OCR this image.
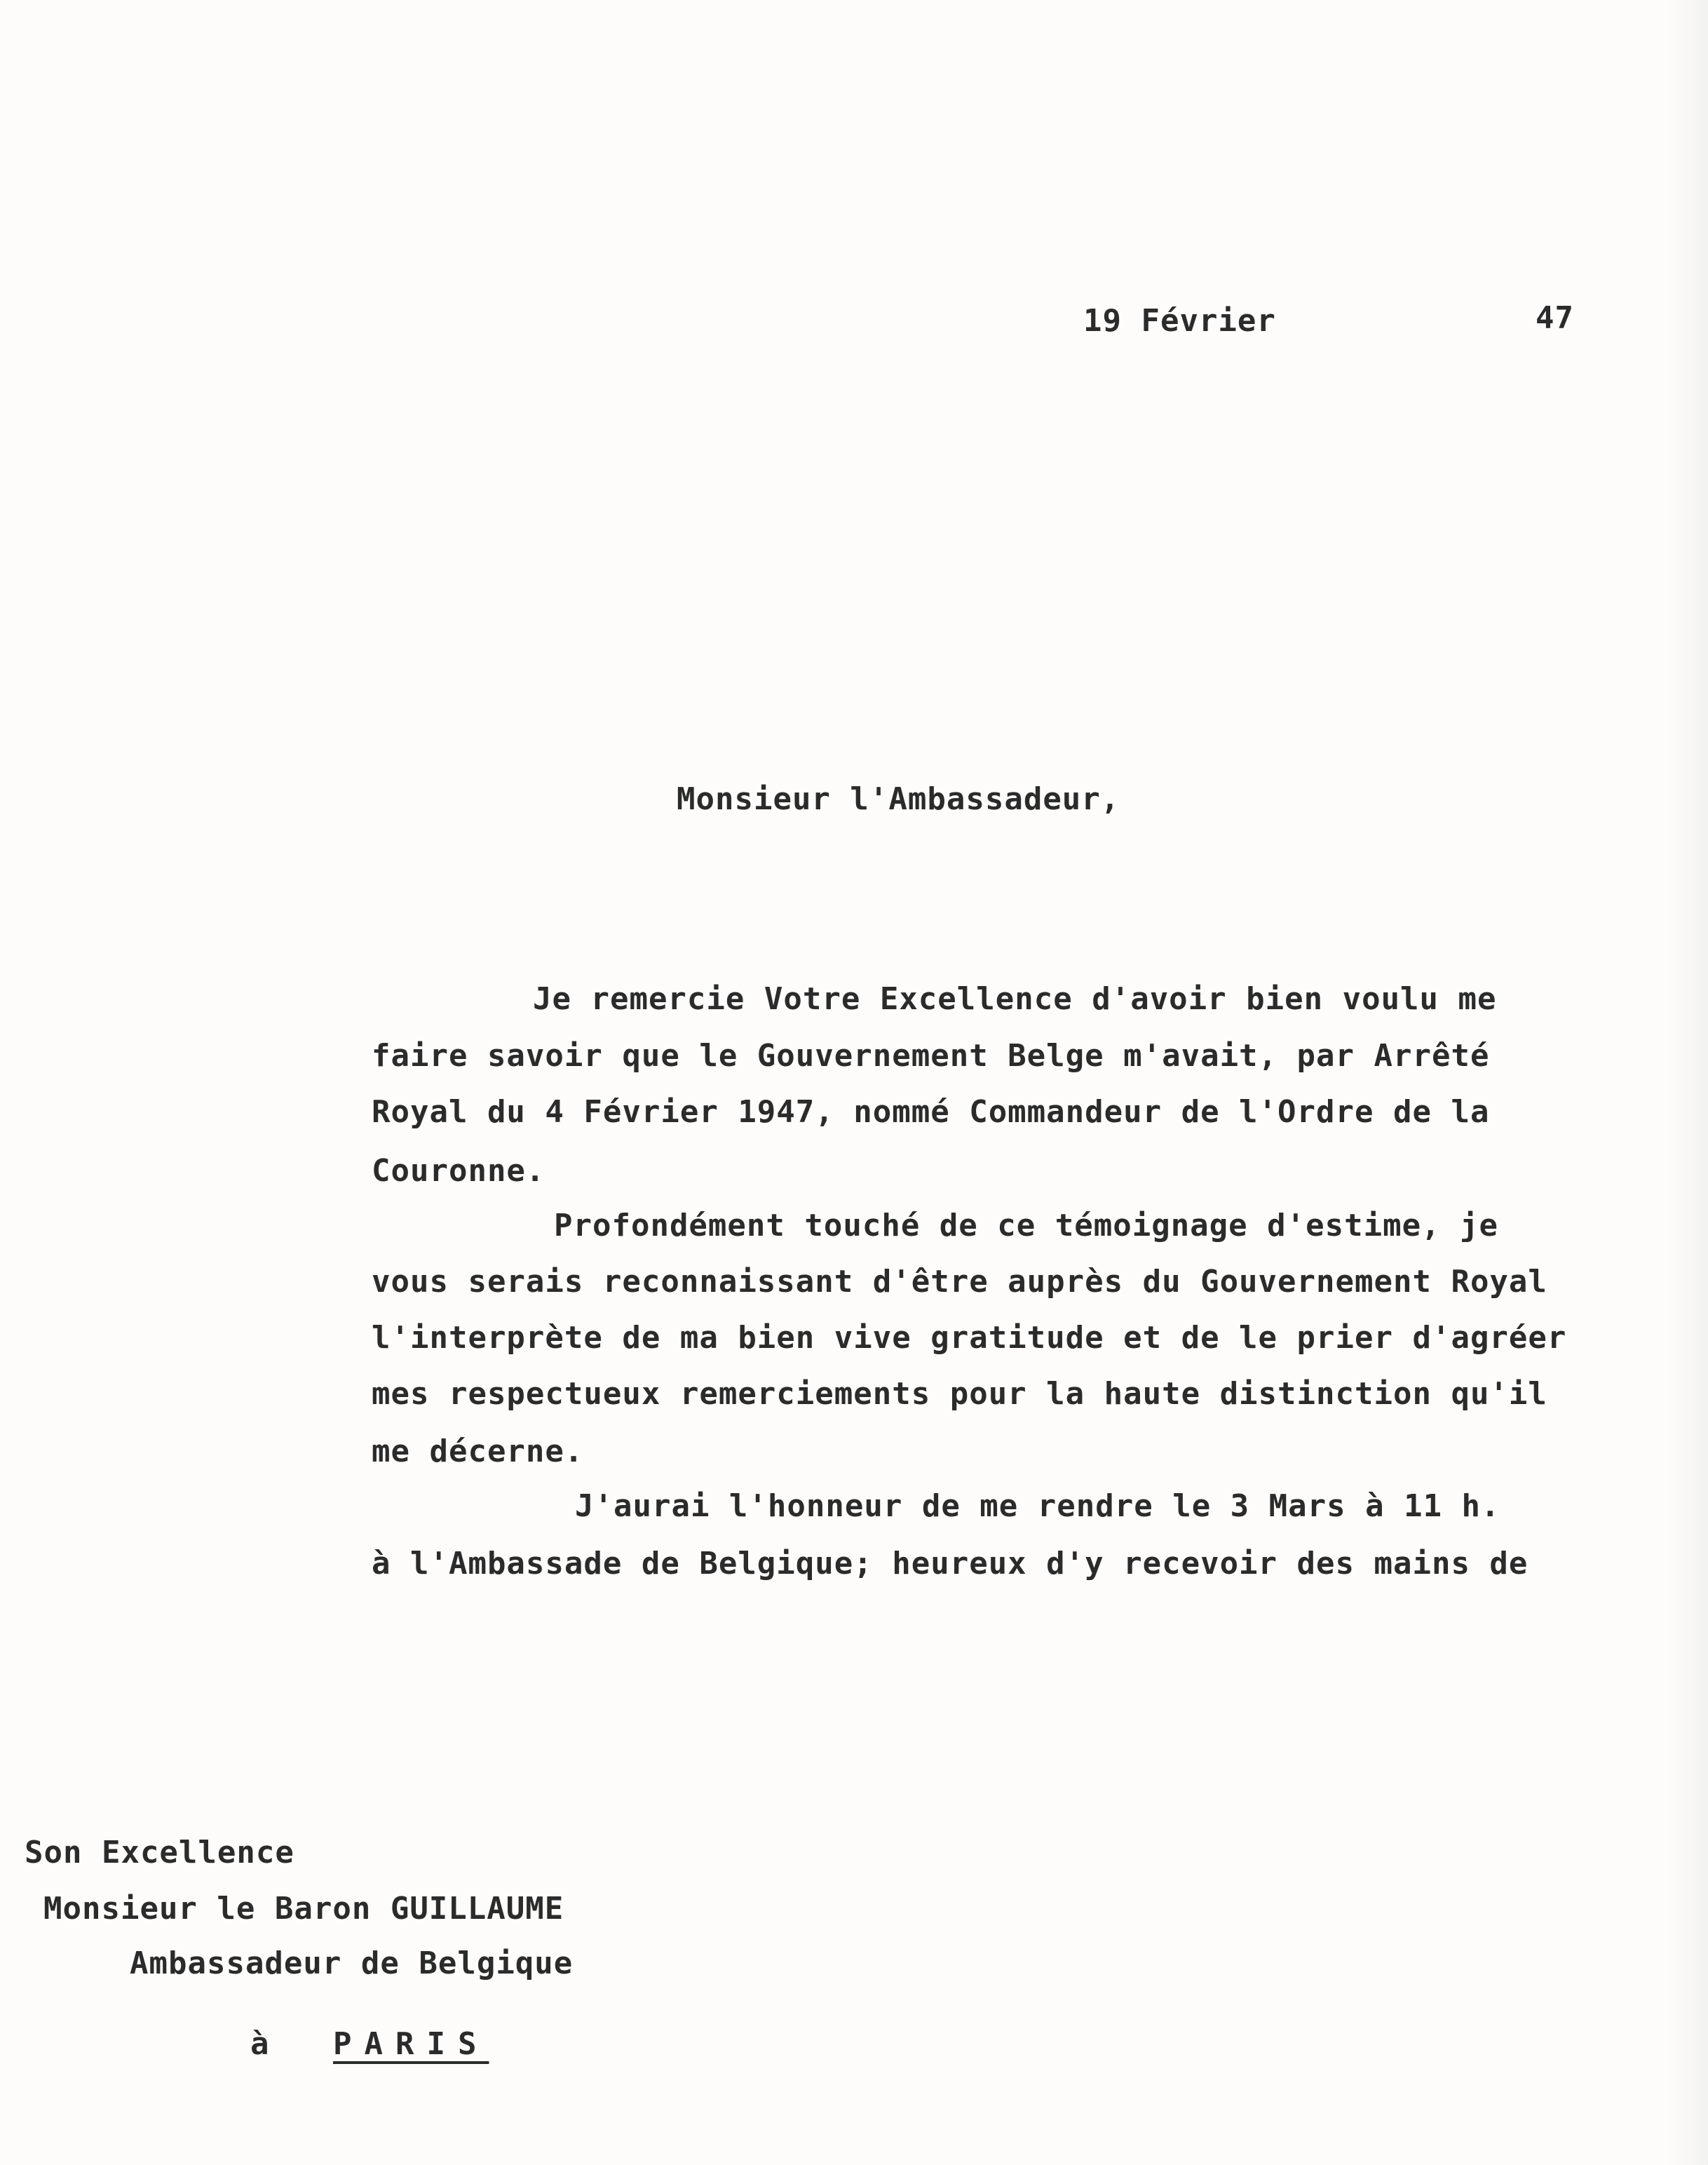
19 Février	47
Monsieur l'Ambassadeur,
Je remercie Votre Excellence d'avoir bien voulu me
faire savoir que le Gouvernement Belge m'avait, par Arrêté
Royal du 4 Février 1947, nommé Commandeur de l'Ordre de la
Couronne.
Profondément touché de ce témoignage d'estime, je
vous serais reconnaissant d'être auprès du Gouvernement Royal
l'interprète de ma bien vive gratitude et de le prier d'agréer
mes respectueux remerciements pour la haute distinction qu'il
me décerne.
J'aurai l'honneur de me rendre le 3 Mars à 11 h.
à l'Ambassade de Belgique; heureux d'y recevoir des mains de
Son Excellence
Monsieur le Baron GUILLAUME
Ambassadeur de Belgique
à PARIS
